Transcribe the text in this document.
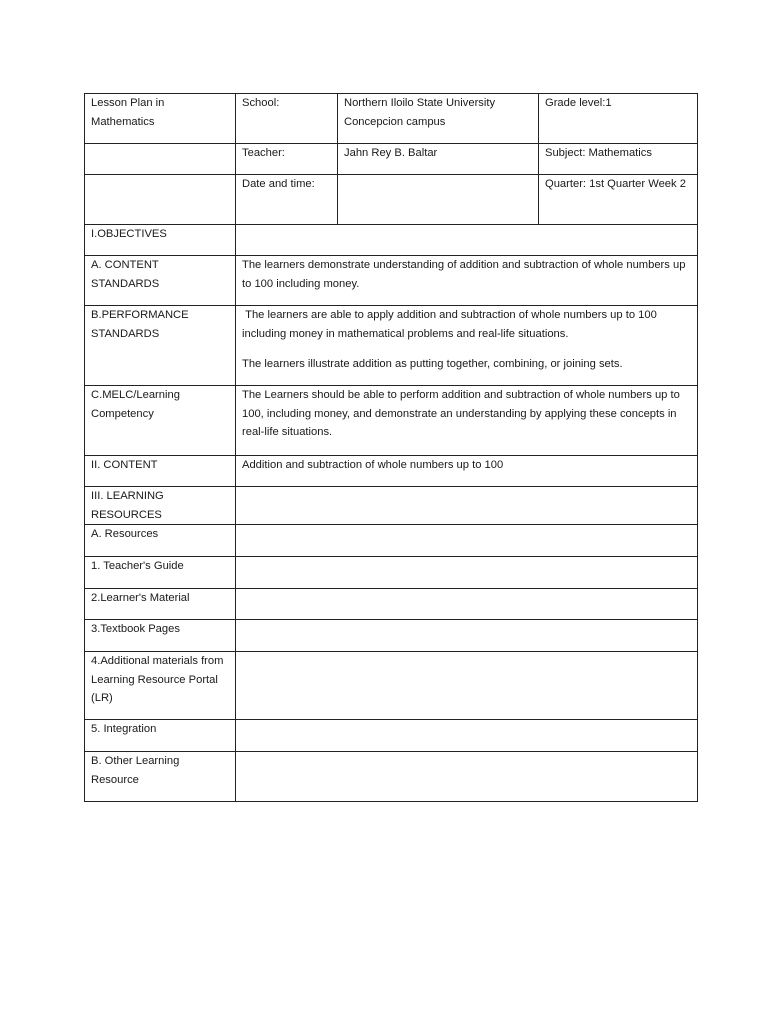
Lesson Plan in Mathematics	School:	Northern Iloilo State University Concepcion campus	Grade level:1

	Teacher:	Jahn Rey B. Baltar	Subject: Mathematics

	Date and time:		Quarter: 1st Quarter Week 2

I.OBJECTIVES			

A. CONTENT STANDARDS	The learners demonstrate understanding of addition and subtraction of whole numbers up to 100 including money.		

B.PERFORMANCE STANDARDS	The learners are able to apply addition and subtraction of whole numbers up to 100 including money in mathematical problems and real-life situations.

The learners illustrate addition as putting together, combining, or joining sets.		

C.MELC/Learning Competency	The Learners should be able to perform addition and subtraction of whole numbers up to 100, including money, and demonstrate an understanding by applying these concepts in real-life situations.		

II. CONTENT	Addition and subtraction of whole numbers up to 100		

III. LEARNING RESOURCES			

A. Resources			

1. Teacher's Guide			

2.Learner's Material			

3.Textbook Pages			

4.Additional materials from Learning Resource Portal (LR)			

5. Integration			

B. Other Learning Resource			
